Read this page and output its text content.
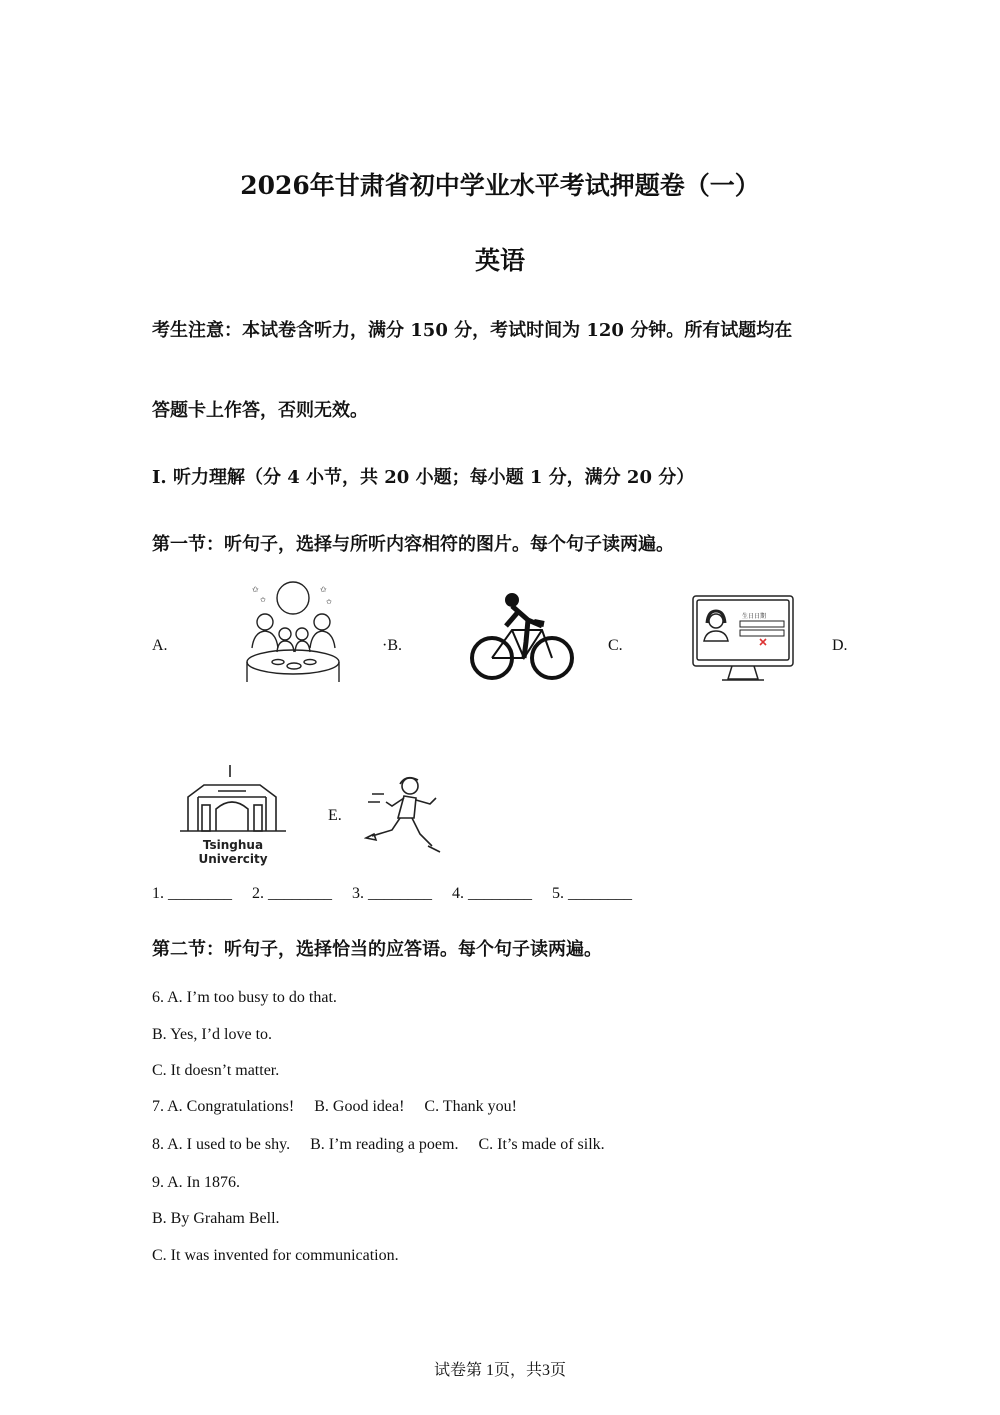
2026年甘肃省初中学业水平考试押题卷（一）
英语
考生注意：本试卷含听力，满分 150 分，考试时间为 120 分钟。所有试题均在
答题卡上作答，否则无效。
Ⅰ. 听力理解（分 4 小节，共 20 小题；每小题 1 分，满分 20 分）
第一节：听句子，选择与所听内容相符的图片。每个句子读两遍。
A.	·B.	C.	D.
E.
✩
✩
✩
✩
生日日期
Tsinghua Univercity
1. ________ 2. ________ 3. ________ 4. ________ 5. ________
第二节：听句子，选择恰当的应答语。每个句子读两遍。
6. A. I’m too busy to do that.
B. Yes, I’d love to.
C. It doesn’t matter.
7. A. Congratulations!     B. Good idea!     C. Thank you!
8. A. I used to be shy.     B. I’m reading a poem.     C. It’s made of silk.
9. A. In 1876.
B. By Graham Bell.
C. It was invented for communication.
试卷第 1页，共3页
